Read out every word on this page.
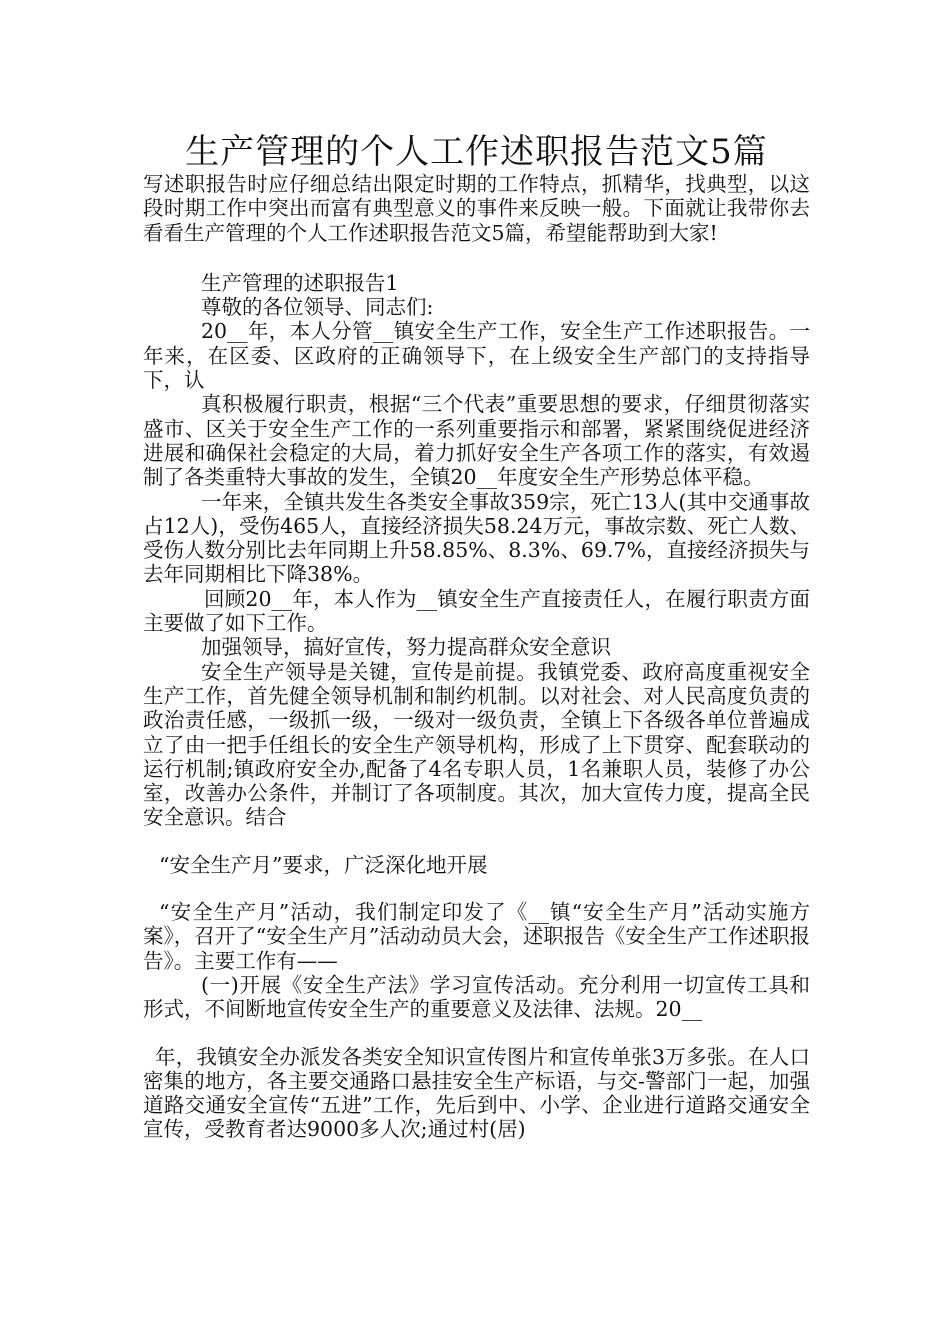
生产管理的个人工作述职报告范文5篇

写述职报告时应仔细总结出限定时期的工作特点，抓精华，找典型，以这段时期工作中突出而富有典型意义的事件来反映一般。下面就让我带你去看看生产管理的个人工作述职报告范文5篇，希望能帮助到大家!

生产管理的述职报告1

尊敬的各位领导、同志们:

20__年，本人分管__镇安全生产工作，安全生产工作述职报告。一年来，在区委、区政府的正确领导下，在上级安全生产部门的支持指导下，认

真积极履行职责，根据“三个代表”重要思想的要求，仔细贯彻落实盛市、区关于安全生产工作的一系列重要指示和部署，紧紧围绕促进经济进展和确保社会稳定的大局，着力抓好安全生产各项工作的落实，有效遏制了各类重特大事故的发生，全镇20__年度安全生产形势总体平稳。

一年来，全镇共发生各类安全事故359宗，死亡13人(其中交通事故占12人)，受伤465人，直接经济损失58.24万元，事故宗数、死亡人数、受伤人数分别比去年同期上升58.85%、8.3%、69.7%，直接经济损失与去年同期相比下降38%。

回顾20__年，本人作为__镇安全生产直接责任人，在履行职责方面主要做了如下工作。

加强领导，搞好宣传，努力提高群众安全意识

安全生产领导是关键，宣传是前提。我镇党委、政府高度重视安全生产工作，首先健全领导机制和制约机制。以对社会、对人民高度负责的政治责任感，一级抓一级，一级对一级负责，全镇上下各级各单位普遍成立了由一把手任组长的安全生产领导机构，形成了上下贯穿、配套联动的运行机制;镇政府安全办,配备了4名专职人员，1名兼职人员，装修了办公室，改善办公条件，并制订了各项制度。其次，加大宣传力度，提高全民安全意识。结合

“安全生产月”要求，广泛深化地开展

“安全生产月”活动，我们制定印发了《__镇“安全生产月”活动实施方案》，召开了“安全生产月”活动动员大会，述职报告《安全生产工作述职报告》。主要工作有——

(一)开展《安全生产法》学习宣传活动。充分利用一切宣传工具和形式，不间断地宣传安全生产的重要意义及法律、法规。20__

年，我镇安全办派发各类安全知识宣传图片和宣传单张3万多张。在人口密集的地方，各主要交通路口悬挂安全生产标语，与交-警部门一起，加强道路交通安全宣传“五进”工作，先后到中、小学、企业进行道路交通安全宣传，受教育者达9000多人次;通过村(居)
